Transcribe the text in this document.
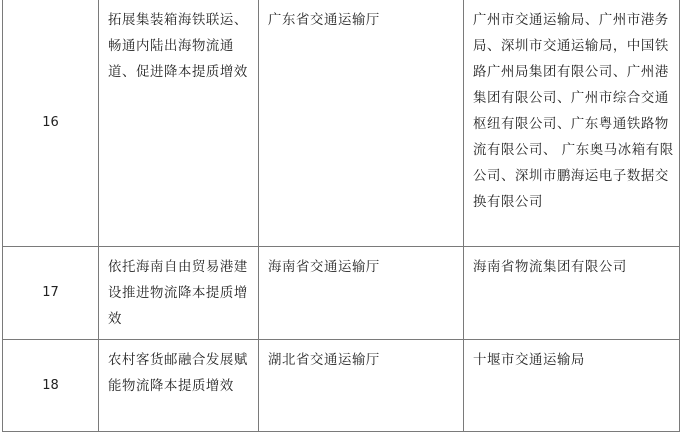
16	拓展集装箱海铁联运、畅通内陆出海物流通道、促进降本提质增效	广东省交通运输厅	广州市交通运输局、广州市港务局、深圳市交通运输局，中国铁路广州局集团有限公司、广州港集团有限公司、广州市综合交通枢纽有限公司、广东粤通铁路物流有限公司、 广东奥马冰箱有限公司、深圳市鹏海运电子数据交换有限公司
17	依托海南自由贸易港建设推进物流降本提质增效	海南省交通运输厅	海南省物流集团有限公司
18	农村客货邮融合发展赋能物流降本提质增效	湖北省交通运输厅	十堰市交通运输局
